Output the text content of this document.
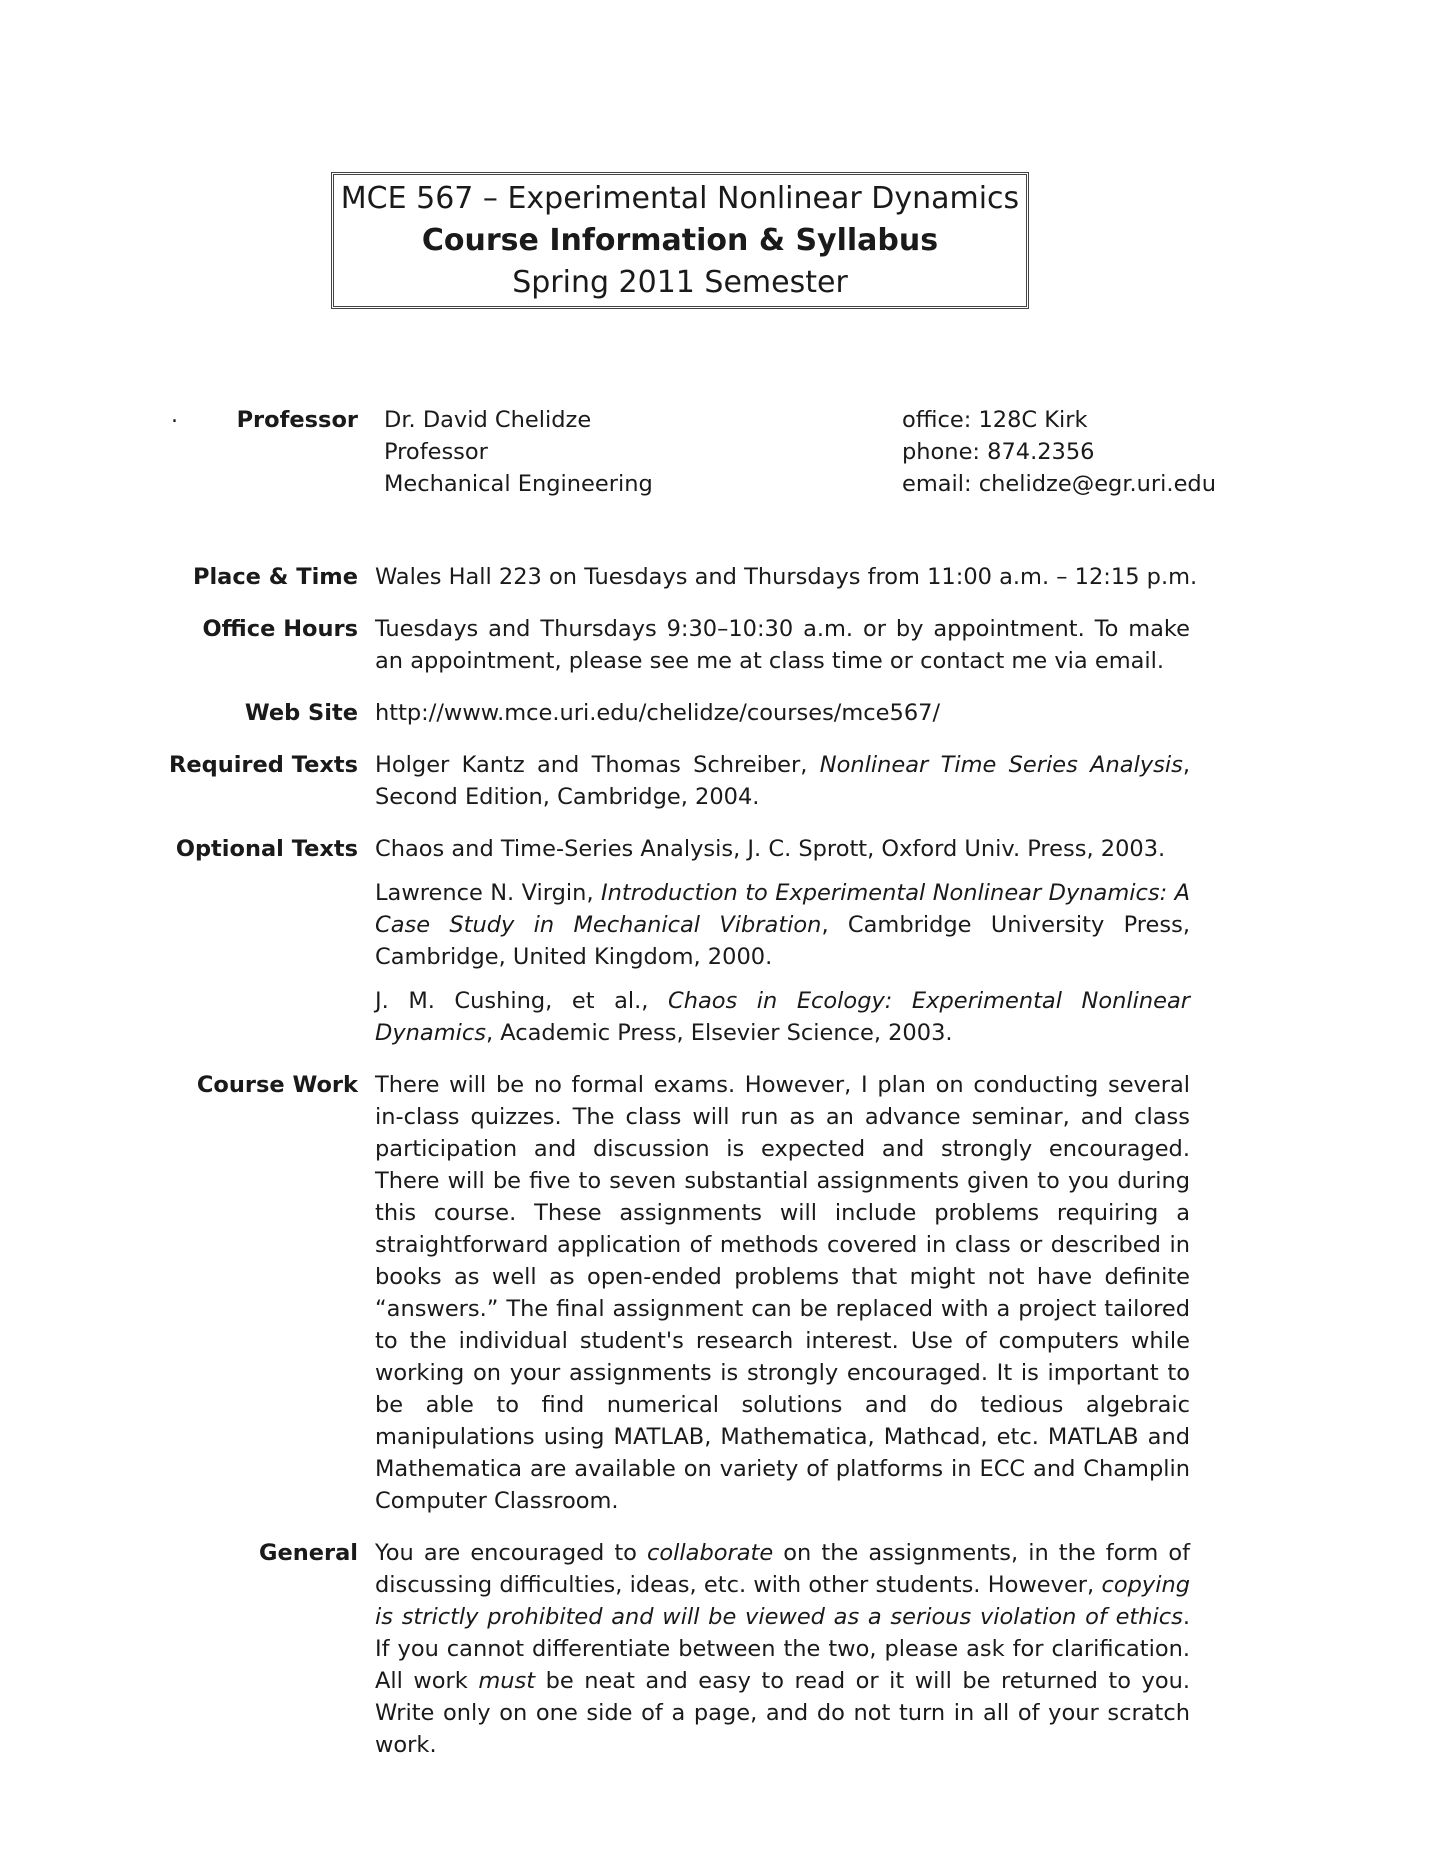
MCE 567 – Experimental Nonlinear Dynamics
Course Information & Syllabus
Spring 2011 Semester
.	Professor Dr. David Chelidze
Professor
Mechanical Engineering
office: 128C Kirk
phone: 874.2356
email: chelidze@egr.uri.edu
Place & Time Wales Hall 223 on Tuesdays and Thursdays from 11:00 a.m. – 12:15 p.m.
Office Hours Tuesdays and Thursdays 9:30–10:30 a.m. or by appointment. To make an appointment, please see me at class time or contact me via email.
Web Site http://www.mce.uri.edu/chelidze/courses/mce567/
Required Texts Holger Kantz and Thomas Schreiber, Nonlinear Time Series Analysis, Second Edition, Cambridge, 2004.
Optional Texts Chaos and Time-Series Analysis, J. C. Sprott, Oxford Univ. Press, 2003.

Lawrence N. Virgin, Introduction to Experimental Nonlinear Dynamics: A Case Study in Mechanical Vibration, Cambridge University Press, Cambridge, United Kingdom, 2000.

J. M. Cushing, et al., Chaos in Ecology: Experimental Nonlinear Dynamics, Academic Press, Elsevier Science, 2003.

Course Work There will be no formal exams. However, I plan on conducting several in-class quizzes. The class will run as an advance seminar, and class participation and discussion is expected and strongly encouraged. There will be five to seven substantial assignments given to you during this course. These assignments will include problems requiring a straightforward application of methods covered in class or described in books as well as open-ended problems that might not have definite “answers.” The final assignment can be replaced with a project tailored to the individual student's research interest. Use of computers while working on your assignments is strongly encouraged. It is important to be able to find numerical solutions and do tedious algebraic manipulations using MATLAB, Mathematica, Mathcad, etc. MATLAB and Mathematica are available on variety of platforms in ECC and Champlin Computer Classroom.
General You are encouraged to collaborate on the assignments, in the form of discussing difficulties, ideas, etc. with other students. However, copying is strictly prohibited and will be viewed as a serious violation of ethics. If you cannot differentiate between the two, please ask for clarification. All work must be neat and easy to read or it will be returned to you. Write only on one side of a page, and do not turn in all of your scratch work.
